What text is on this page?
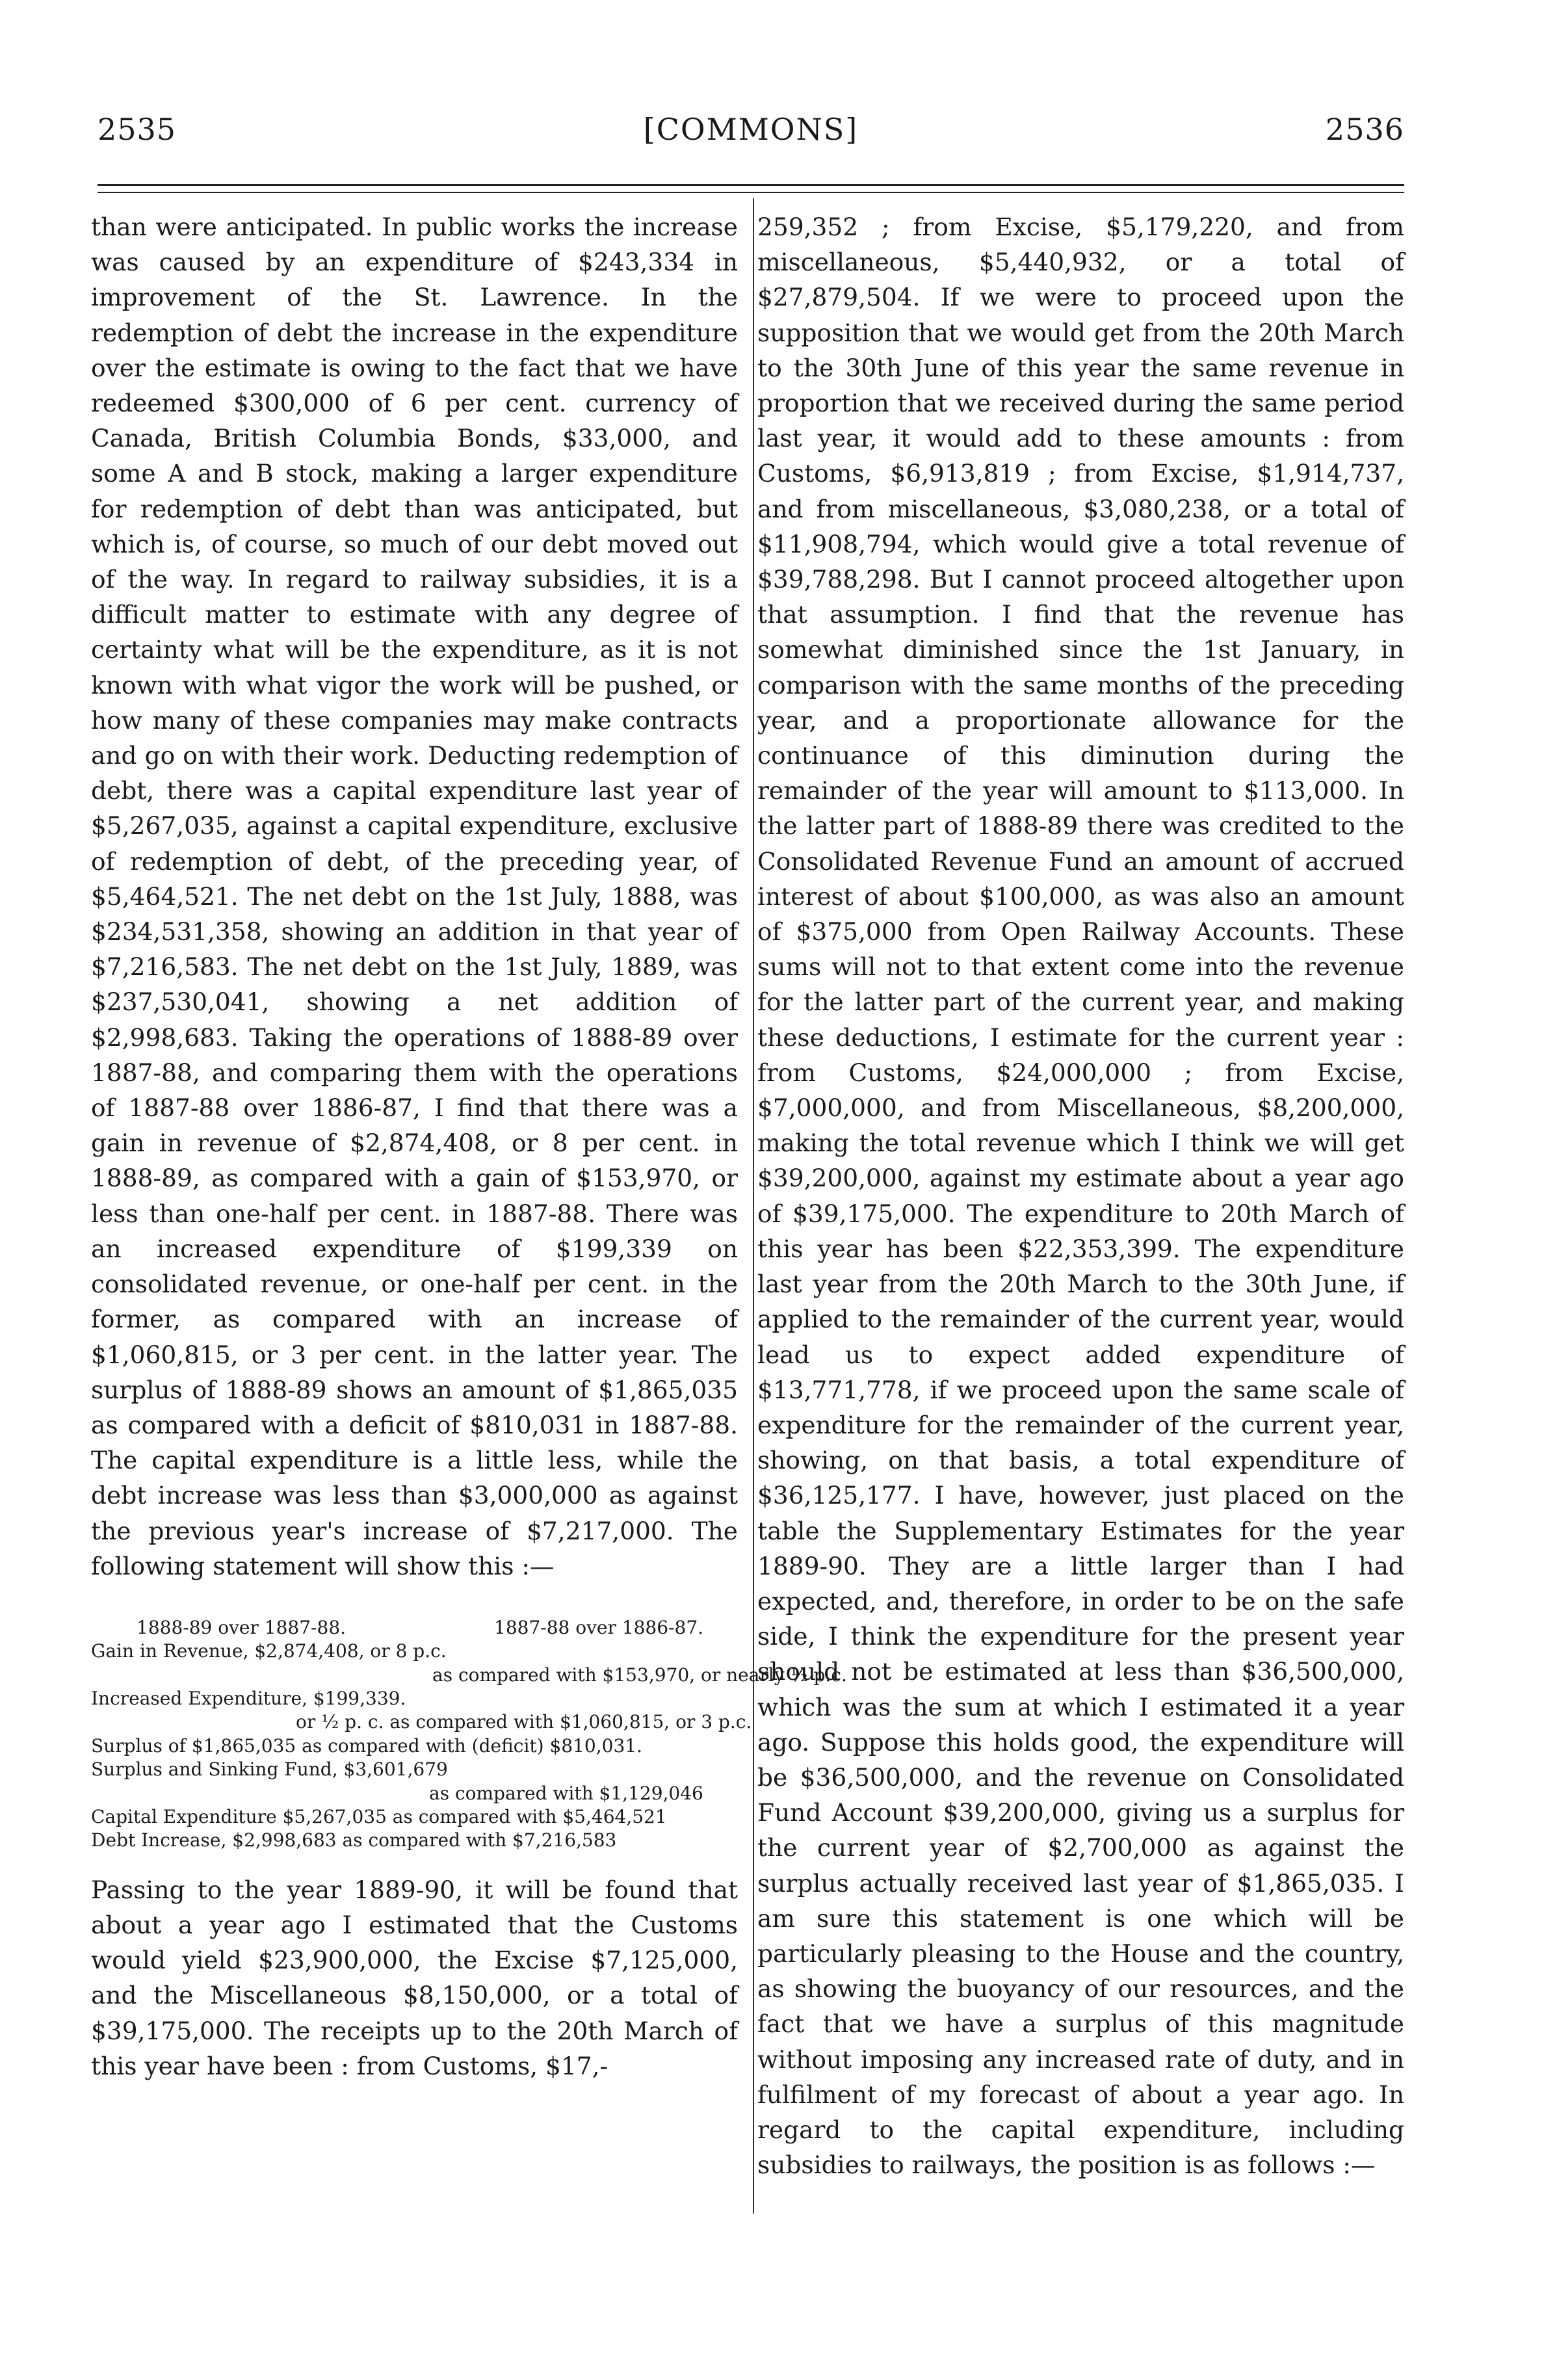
2535	[COMMONS]	2536

than were anticipated. In public works the increase was caused by an expenditure of $243,334 in improvement of the St. Lawrence. In the redemption of debt the increase in the expenditure over the estimate is owing to the fact that we have redeemed $300,000 of 6 per cent. currency of Canada, British Columbia Bonds, $33,000, and some A and B stock, making a larger expenditure for redemption of debt than was anticipated, but which is, of course, so much of our debt moved out of the way. In regard to railway subsidies, it is a difficult matter to estimate with any degree of certainty what will be the expenditure, as it is not known with what vigor the work will be pushed, or how many of these companies may make contracts and go on with their work. Deducting redemption of debt, there was a capital expenditure last year of $5,267,035, against a capital expenditure, exclusive of redemption of debt, of the preceding year, of $5,464,521. The net debt on the 1st July, 1888, was $234,531,358, showing an addition in that year of $7,216,583. The net debt on the 1st July, 1889, was $237,530,041, showing a net addition of $2,998,683. Taking the operations of 1888-89 over 1887-88, and comparing them with the operations of 1887-88 over 1886-87, I find that there was a gain in revenue of $2,874,408, or 8 per cent. in 1888-89, as compared with a gain of $153,970, or less than one-half per cent. in 1887-88. There was an increased expenditure of $199,339 on consolidated revenue, or one-half per cent. in the former, as compared with an increase of $1,060,815, or 3 per cent. in the latter year. The surplus of 1888-89 shows an amount of $1,865,035 as compared with a deficit of $810,031 in 1887-88. The capital expenditure is a little less, while the debt increase was less than $3,000,000 as against the previous year's increase of $7,217,000. The following statement will show this :—

1888-89 over 1887-88.	1887-88 over 1886-87.
Gain in Revenue, $2,874,408, or 8 p.c.
as compared with $153,970, or nearly ½ p.c.
Increased Expenditure, $199,339.
or ½ p. c. as compared with $1,060,815, or 3 p.c.
Surplus of $1,865,035 as compared with (deficit) $810,031.
Surplus and Sinking Fund, $3,601,679
as compared with $1,129,046
Capital Expenditure $5,267,035 as compared with $5,464,521
Debt Increase, $2,998,683 as compared with $7,216,583

Passing to the year 1889-90, it will be found that about a year ago I estimated that the Customs would yield $23,900,000, the Excise $7,125,000, and the Miscellaneous $8,150,000, or a total of $39,175,000. The receipts up to the 20th March of this year have been : from Customs, $17,-

259,352 ; from Excise, $5,179,220, and from miscellaneous, $5,440,932, or a total of $27,879,504. If we were to proceed upon the supposition that we would get from the 20th March to the 30th June of this year the same revenue in proportion that we received during the same period last year, it would add to these amounts : from Customs, $6,913,819 ; from Excise, $1,914,737, and from miscellaneous, $3,080,238, or a total of $11,908,794, which would give a total revenue of $39,788,298. But I cannot proceed altogether upon that assumption. I find that the revenue has somewhat diminished since the 1st January, in comparison with the same months of the preceding year, and a proportionate allowance for the continuance of this diminution during the remainder of the year will amount to $113,000. In the latter part of 1888-89 there was credited to the Consolidated Revenue Fund an amount of accrued interest of about $100,000, as was also an amount of $375,000 from Open Railway Accounts. These sums will not to that extent come into the revenue for the latter part of the current year, and making these deductions, I estimate for the current year : from Customs, $24,000,000 ; from Excise, $7,000,000, and from Miscellaneous, $8,200,000, making the total revenue which I think we will get $39,200,000, against my estimate about a year ago of $39,175,000. The expenditure to 20th March of this year has been $22,353,399. The expenditure last year from the 20th March to the 30th June, if applied to the remainder of the current year, would lead us to expect added expenditure of $13,771,778, if we proceed upon the same scale of expenditure for the remainder of the current year, showing, on that basis, a total expenditure of $36,125,177. I have, however, just placed on the table the Supplementary Estimates for the year 1889-90. They are a little larger than I had expected, and, therefore, in order to be on the safe side, I think the expenditure for the present year should not be estimated at less than $36,500,000, which was the sum at which I estimated it a year ago. Suppose this holds good, the expenditure will be $36,500,000, and the revenue on Consolidated Fund Account $39,200,000, giving us a surplus for the current year of $2,700,000 as against the surplus actually received last year of $1,865,035. I am sure this statement is one which will be particularly pleasing to the House and the country, as showing the buoyancy of our resources, and the fact that we have a surplus of this magnitude without imposing any increased rate of duty, and in fulfilment of my forecast of about a year ago. In regard to the capital expenditure, including subsidies to railways, the position is as follows :—
